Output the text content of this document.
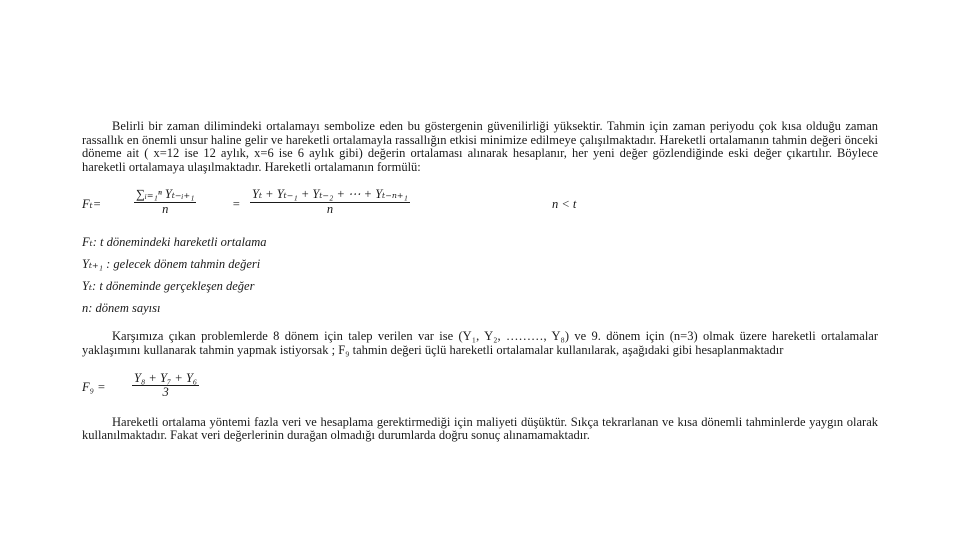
Belirli bir zaman dilimindeki ortalamayı sembolize eden bu göstergenin güvenilirliği yüksektir. Tahmin için zaman periyodu çok kısa olduğu zaman rassallık en önemli unsur haline gelir ve hareketli ortalamayla rassallığın etkisi minimize edilmeye çalışılmaktadır. Hareketli ortalamanın tahmin değeri önceki döneme ait ( x=12 ise 12 aylık, x=6 ise 6 aylık gibi) değerin ortalaması alınarak hesaplanır, her yeni değer gözlendiğinde eski değer çıkartılır. Böylece hareketli ortalamaya ulaşılmaktadır. Hareketli ortalamanın formülü:

Fₜ=	$\frac{\text{∑ᵢ₌₁ⁿ Yₜ₋ᵢ₊₁}}{n}$	= $\frac{\text{Yₜ + Yₜ₋₁ + Yₜ₋₂ + ⋯ + Yₜ₋ₙ₊₁}}{n}$	n < t
Fₜ: t dönemindeki hareketli ortalama
Yₜ₊₁ : gelecek dönem tahmin değeri
Yₜ: t döneminde gerçekleşen değer
n: dönem sayısı

Karşımıza çıkan problemlerde 8 dönem için talep verilen var ise (Y₁, Y₂, ………, Y₈) ve 9. dönem için (n=3) olmak üzere hareketli ortalamalar yaklaşımını kullanarak tahmin yapmak istiyorsak ; F₉ tahmin değeri üçlü hareketli ortalamalar kullanılarak, aşağıdaki gibi hesaplanmaktadır

$F_9 = \frac{\text{Y₈ + Y₇ + Y₆}}{3}$

Hareketli ortalama yöntemi fazla veri ve hesaplama gerektirmediği için maliyeti düşüktür. Sıkça tekrarlanan ve kısa dönemli tahminlerde yaygın olarak kullanılmaktadır. Fakat veri değerlerinin durağan olmadığı durumlarda doğru sonuç alınamamaktadır.
